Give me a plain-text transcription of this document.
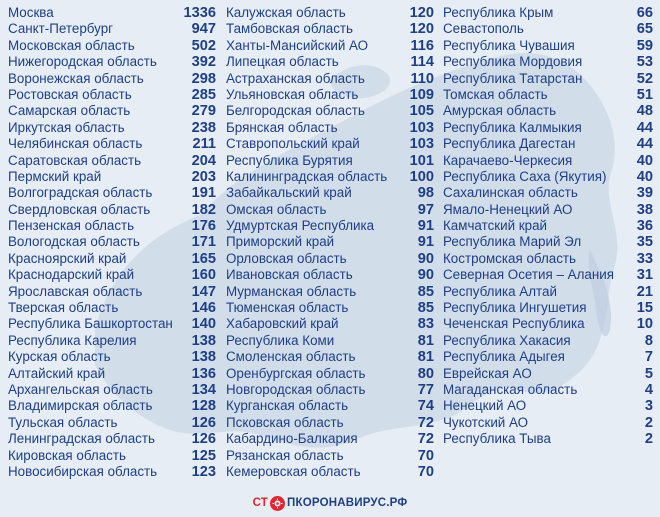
Москва	1336
Санкт-Петербург	947
Московская область	502
Нижегородская область 392
Воронежская область	298
Ростовская область	285
Самарская область	279
Иркутская область	238
Челябинская область	211
Саратовская область	204
Пермский край	203
Волгоградская область	191
Свердловская область	182
Пензенская область	176
Вологодская область	171
Красноярский край	165
Краснодарский край	160
Ярославская область	147
Тверская область	146
Республика Башкортостан 140
Республика Карелия	138
Курская область	138
Алтайский край	136
Архангельская область	134
Владимирская область	128
Тульская область	126
Ленинградская область	126
Кировская область	125
Новосибирская область 123
Калужская область	120
Тамбовская область	120
Ханты-Мансийский АО	116
Липецкая область	114
Астраханская область	110
Ульяновская область	109
Белгородская область	105
Брянская область	103
Ставропольский край	103
Республика Бурятия	101
Калининградская область 100
Забайкальский край	98
Омская область	97
Удмуртская Республика	91
Приморский край	91
Орловская область	90
Ивановская область	90
Мурманская область	85
Тюменская область	85
Хабаровский край	83
Республика Коми	81
Смоленская область	81
Оренбургская область	80
Новгородская область	77
Курганская область	74
Псковская область	72
Кабардино-Балкария	72
Рязанская область	70
Кемеровская область	70
Республика Крым	66
Севастополь	65
Республика Чувашия	59
Республика Мордовия	53
Республика Татарстан	52
Томская область	51
Амурская область	48
Республика Калмыкия	44
Республика Дагестан	44
Карачаево-Черкесия	40
Республика Саха (Якутия) 40
Сахалинская область	39
Ямало-Ненецкий АО	38
Камчатский край	36
Республика Марий Эл	35
Костромская область	33
Северная Осетия – Алания 31
Республика Алтай	21
Республика Ингушетия	15
Чеченская Республика	10
Республика Хакасия	8
Республика Адыгея	7
Еврейская АО	5
Магаданская область	4
Ненецкий АО	3
Чукотский АО	2
Республика Тыва	2
СТ ПКОРОНАВИРУС.РФ
